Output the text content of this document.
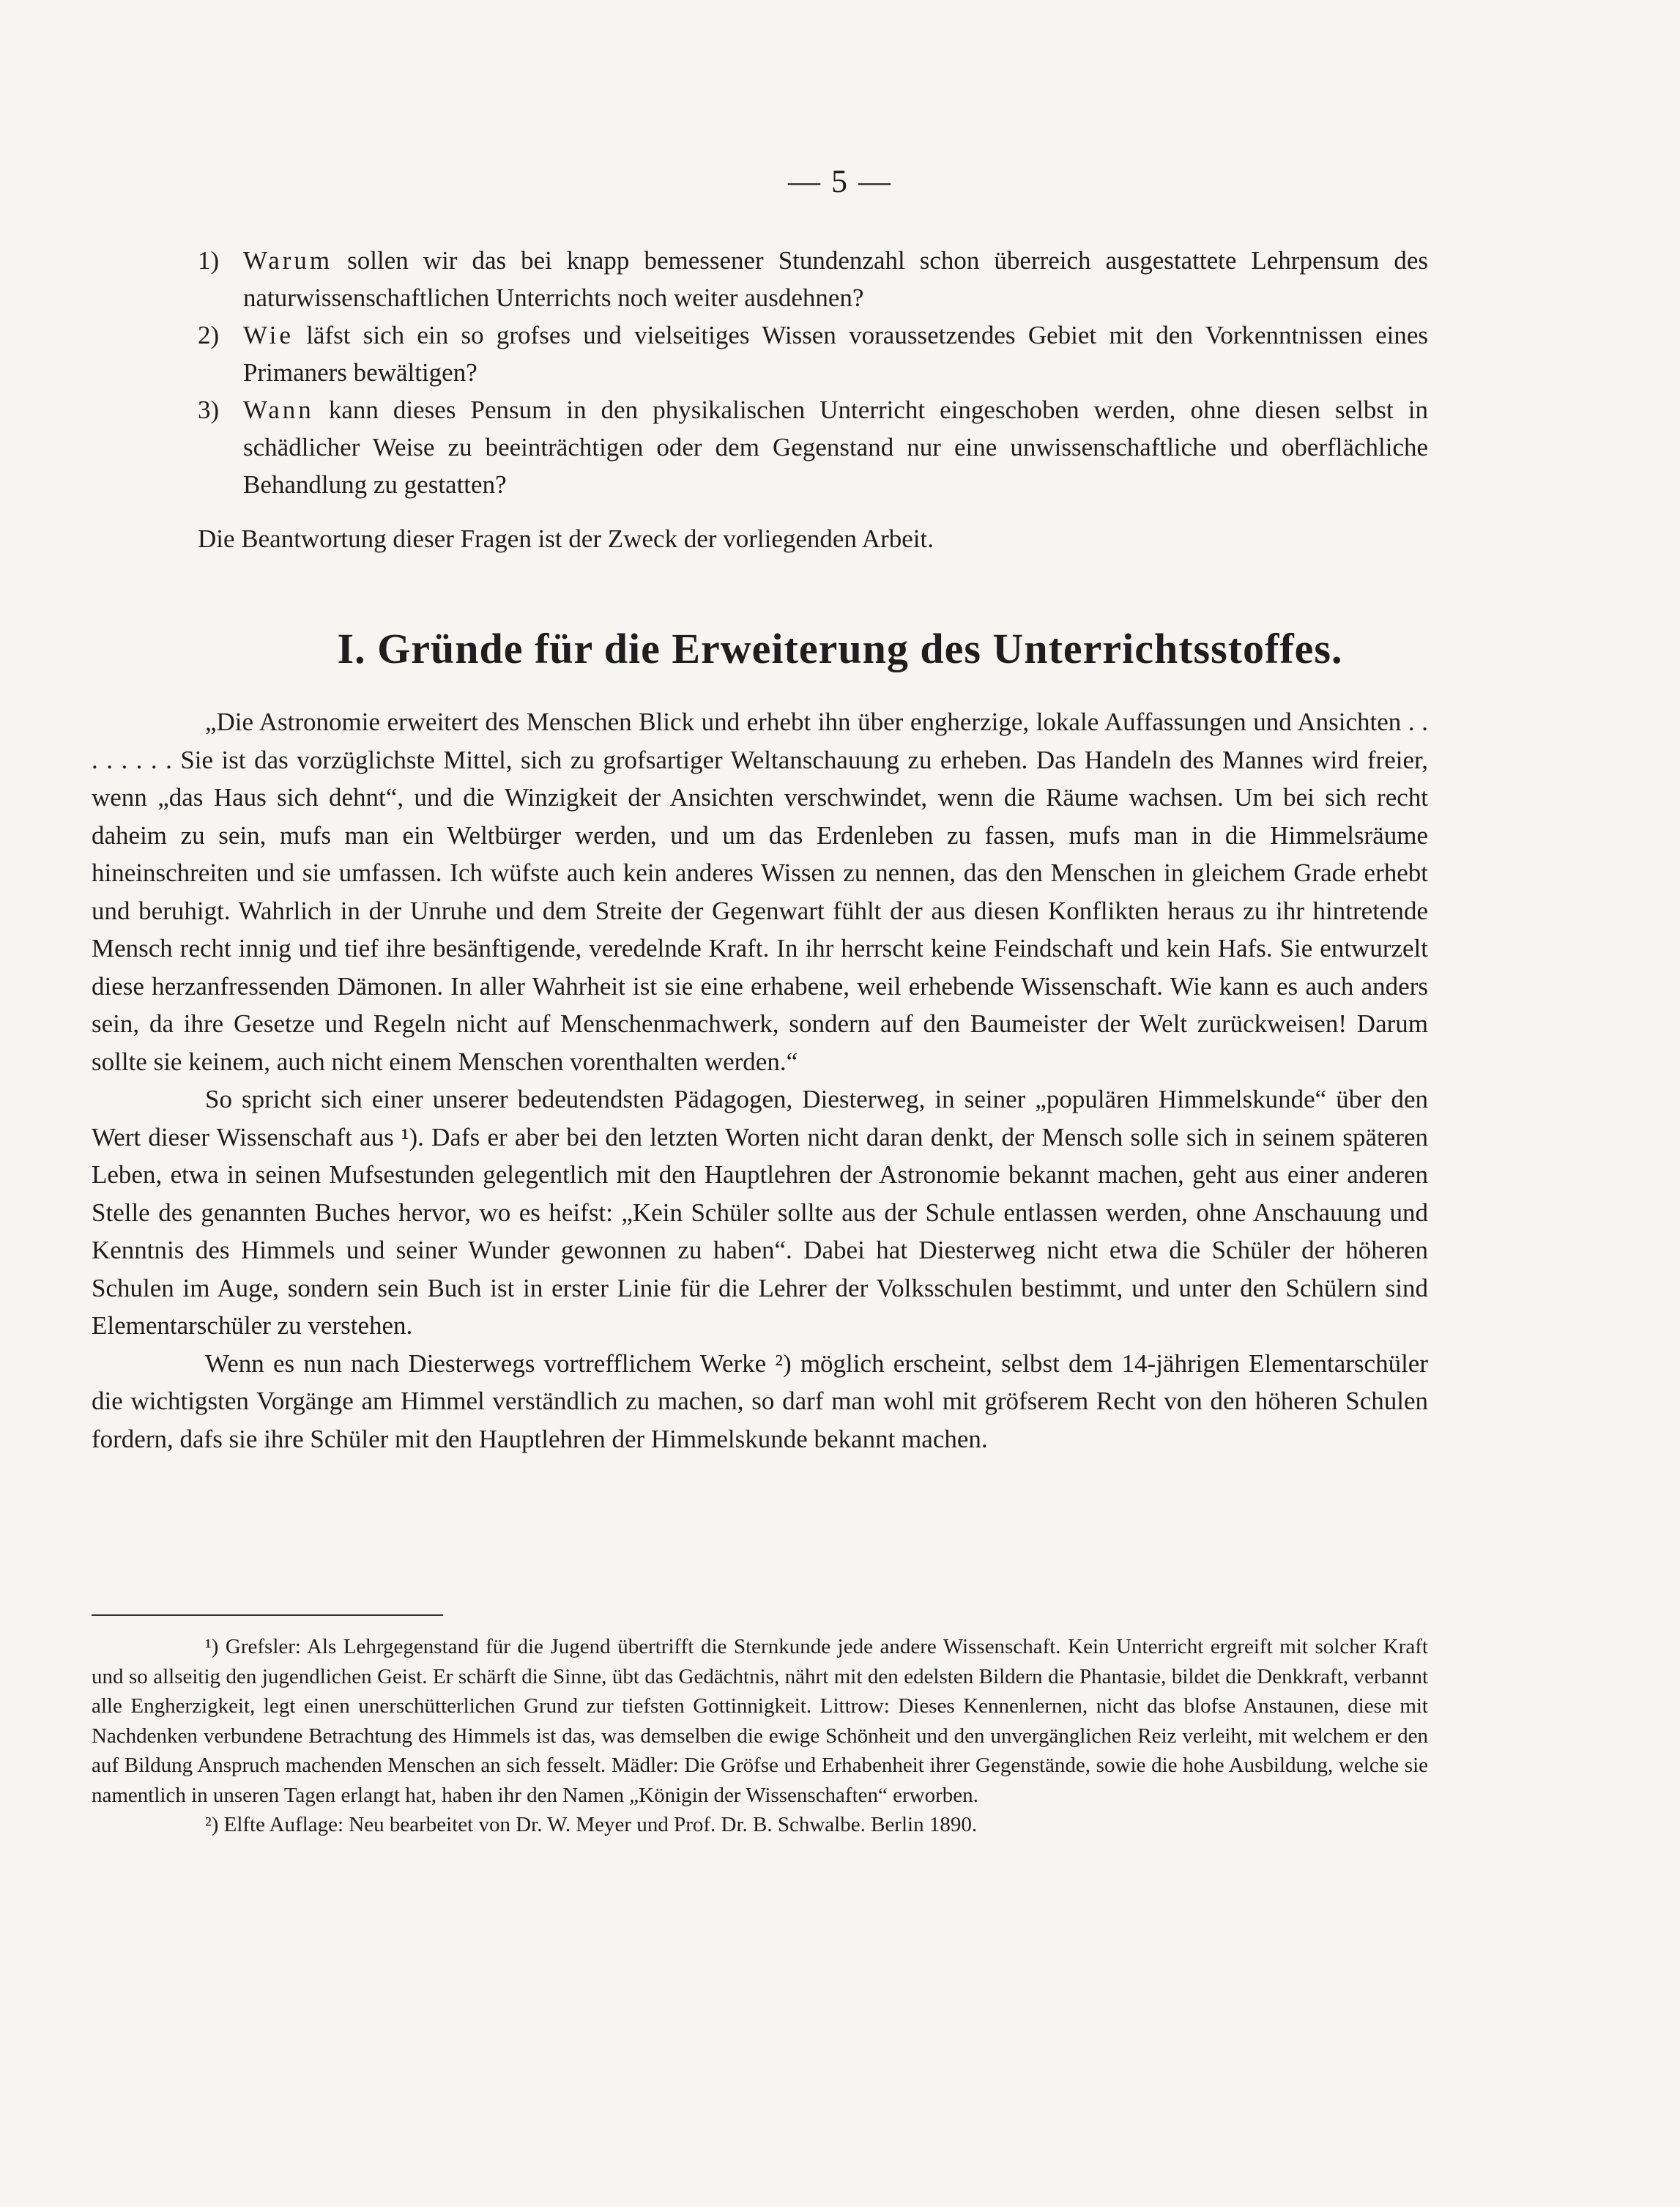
— 5 —
1) Warum sollen wir das bei knapp bemessener Stundenzahl schon überreich ausgestattete Lehrpensum des naturwissenschaftlichen Unterrichts noch weiter ausdehnen?
2) Wie läfst sich ein so grofses und vielseitiges Wissen voraussetzendes Gebiet mit den Vorkenntnissen eines Primaners bewältigen?
3) Wann kann dieses Pensum in den physikalischen Unterricht eingeschoben werden, ohne diesen selbst in schädlicher Weise zu beeinträchtigen oder dem Gegenstand nur eine unwissenschaftliche und oberflächliche Behandlung zu gestatten?
Die Beantwortung dieser Fragen ist der Zweck der vorliegenden Arbeit.
I. Gründe für die Erweiterung des Unterrichtsstoffes.

„Die Astronomie erweitert des Menschen Blick und erhebt ihn über engherzige, lokale Auffassungen und Ansichten . . . . . . . . Sie ist das vorzüglichste Mittel, sich zu grofsartiger Weltanschauung zu erheben. Das Handeln des Mannes wird freier, wenn „das Haus sich dehnt“, und die Winzigkeit der Ansichten verschwindet, wenn die Räume wachsen. Um bei sich recht daheim zu sein, mufs man ein Weltbürger werden, und um das Erdenleben zu fassen, mufs man in die Himmelsräume hineinschreiten und sie umfassen. Ich wüfste auch kein anderes Wissen zu nennen, das den Menschen in gleichem Grade erhebt und beruhigt. Wahrlich in der Unruhe und dem Streite der Gegenwart fühlt der aus diesen Konflikten heraus zu ihr hintretende Mensch recht innig und tief ihre besänftigende, veredelnde Kraft. In ihr herrscht keine Feindschaft und kein Hafs. Sie entwurzelt diese herzanfressenden Dämonen. In aller Wahrheit ist sie eine erhabene, weil erhebende Wissenschaft. Wie kann es auch anders sein, da ihre Gesetze und Regeln nicht auf Menschenmachwerk, sondern auf den Baumeister der Welt zurückweisen! Darum sollte sie keinem, auch nicht einem Menschen vorenthalten werden.“

So spricht sich einer unserer bedeutendsten Pädagogen, Diesterweg, in seiner „populären Himmelskunde“ über den Wert dieser Wissenschaft aus ¹). Dafs er aber bei den letzten Worten nicht daran denkt, der Mensch solle sich in seinem späteren Leben, etwa in seinen Mufsestunden gelegentlich mit den Hauptlehren der Astronomie bekannt machen, geht aus einer anderen Stelle des genannten Buches hervor, wo es heifst: „Kein Schüler sollte aus der Schule entlassen werden, ohne Anschauung und Kenntnis des Himmels und seiner Wunder gewonnen zu haben“. Dabei hat Diesterweg nicht etwa die Schüler der höheren Schulen im Auge, sondern sein Buch ist in erster Linie für die Lehrer der Volksschulen bestimmt, und unter den Schülern sind Elementarschüler zu verstehen.

Wenn es nun nach Diesterwegs vortrefflichem Werke ²) möglich erscheint, selbst dem 14-jährigen Elementarschüler die wichtigsten Vorgänge am Himmel verständlich zu machen, so darf man wohl mit gröfserem Recht von den höheren Schulen fordern, dafs sie ihre Schüler mit den Hauptlehren der Himmelskunde bekannt machen.

¹) Grefsler: Als Lehrgegenstand für die Jugend übertrifft die Sternkunde jede andere Wissenschaft. Kein Unterricht ergreift mit solcher Kraft und so allseitig den jugendlichen Geist. Er schärft die Sinne, übt das Gedächtnis, nährt mit den edelsten Bildern die Phantasie, bildet die Denkkraft, verbannt alle Engherzigkeit, legt einen unerschütterlichen Grund zur tiefsten Gottinnigkeit. Littrow: Dieses Kennenlernen, nicht das blofse Anstaunen, diese mit Nachdenken verbundene Betrachtung des Himmels ist das, was demselben die ewige Schönheit und den unvergänglichen Reiz verleiht, mit welchem er den auf Bildung Anspruch machenden Menschen an sich fesselt. Mädler: Die Gröfse und Erhabenheit ihrer Gegenstände, sowie die hohe Ausbildung, welche sie namentlich in unseren Tagen erlangt hat, haben ihr den Namen „Königin der Wissenschaften“ erworben.

²) Elfte Auflage: Neu bearbeitet von Dr. W. Meyer und Prof. Dr. B. Schwalbe. Berlin 1890.
